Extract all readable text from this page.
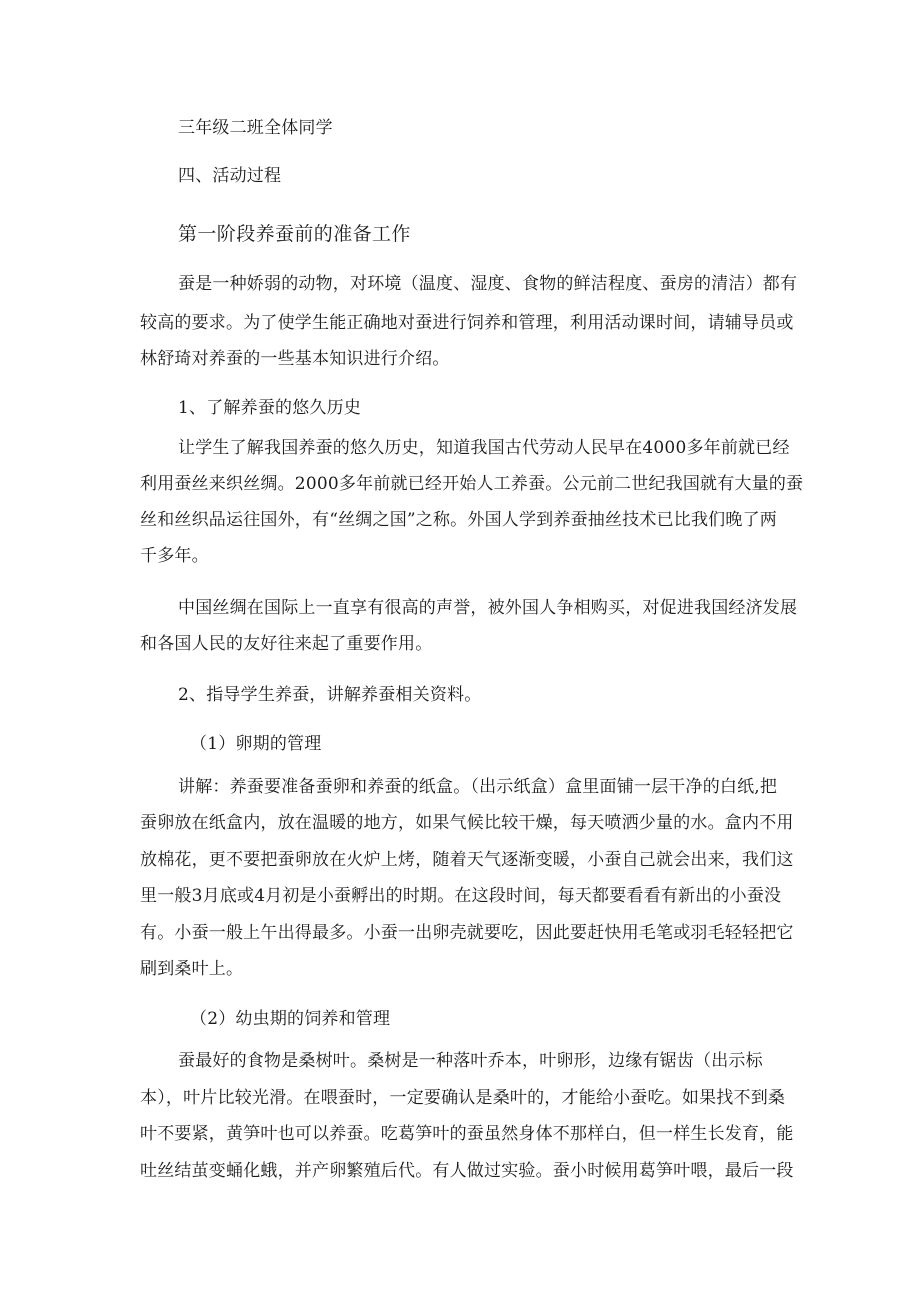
三年级二班全体同学
四、活动过程
第一阶段养蚕前的准备工作
蚕是一种娇弱的动物，对环境（温度、湿度、食物的鲜洁程度、蚕房的清洁）都有
较高的要求。为了使学生能正确地对蚕进行饲养和管理，利用活动课时间，请辅导员或
林舒琦对养蚕的一些基本知识进行介绍。
1、了解养蚕的悠久历史
让学生了解我国养蚕的悠久历史，知道我国古代劳动人民早在4000多年前就已经
利用蚕丝来织丝绸。2000多年前就已经开始人工养蚕。公元前二世纪我国就有大量的蚕
丝和丝织品运往国外，有“丝绸之国”之称。外国人学到养蚕抽丝技术已比我们晚了两
千多年。
中国丝绸在国际上一直享有很高的声誉，被外国人争相购买，对促进我国经济发展
和各国人民的友好往来起了重要作用。
2、指导学生养蚕，讲解养蚕相关资料。
（1）卵期的管理
讲解：养蚕要准备蚕卵和养蚕的纸盒。（出示纸盒）盒里面铺一层干净的白纸,把
蚕卵放在纸盒内，放在温暖的地方，如果气候比较干燥，每天喷洒少量的水。盒内不用
放棉花，更不要把蚕卵放在火炉上烤，随着天气逐渐变暖，小蚕自己就会出来，我们这
里一般3月底或4月初是小蚕孵出的时期。在这段时间，每天都要看看有新出的小蚕没
有。小蚕一般上午出得最多。小蚕一出卵壳就要吃，因此要赶快用毛笔或羽毛轻轻把它
刷到桑叶上。
（2）幼虫期的饲养和管理
蚕最好的食物是桑树叶。桑树是一种落叶乔本，叶卵形，边缘有锯齿（出示标
本），叶片比较光滑。在喂蚕时，一定要确认是桑叶的，才能给小蚕吃。如果找不到桑
叶不要紧，黄笋叶也可以养蚕。吃葛笋叶的蚕虽然身体不那样白，但一样生长发育，能
吐丝结茧变蛹化蛾，并产卵繁殖后代。有人做过实验。蚕小时候用葛笋叶喂，最后一段
